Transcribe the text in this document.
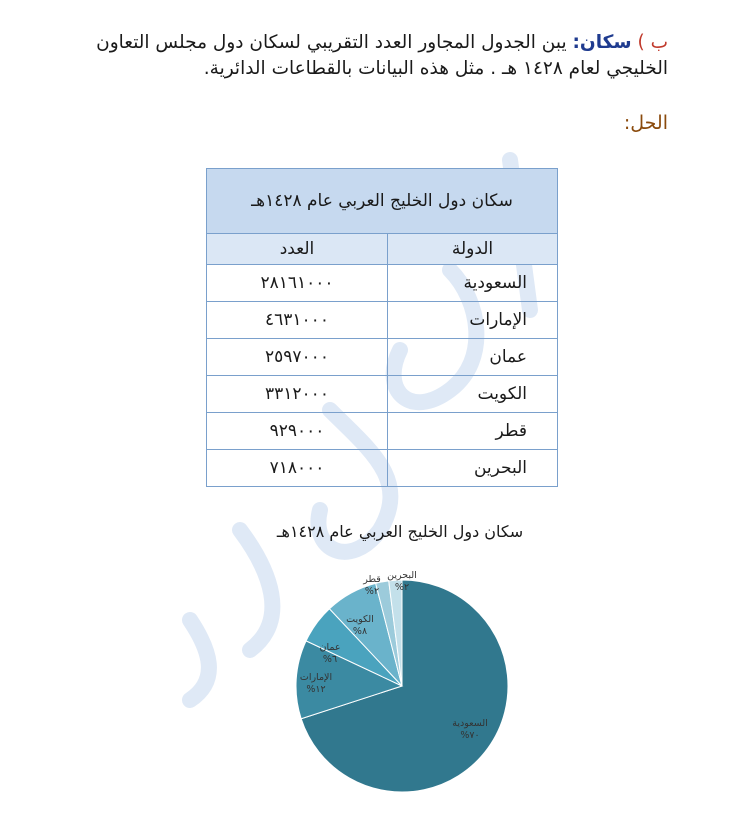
ب ) سكان: يبن الجدول المجاور العدد التقريبي لسكان دول مجلس التعاون الخليجي لعام ١٤٢٨ هـ . مثل هذه البيانات بالقطاعات الدائرية.
الحل:
سكان دول الخليج العربي عام ١٤٢٨هـ	
الدولة	العدد
السعودية	٢٨١٦١٠٠٠
الإمارات	٤٦٣١٠٠٠
عمان	٢٥٩٧٠٠٠
الكويت	٣٣١٢٠٠٠
قطر	٩٢٩٠٠٠
البحرين	٧١٨٠٠٠
سكان دول الخليج العربي عام ١٤٢٨هـ
السعودية
%٧٠
الإمارات
%١٢
عمان
%٦
الكويت
%٨
قطر
%٢
البحرين
%٢
